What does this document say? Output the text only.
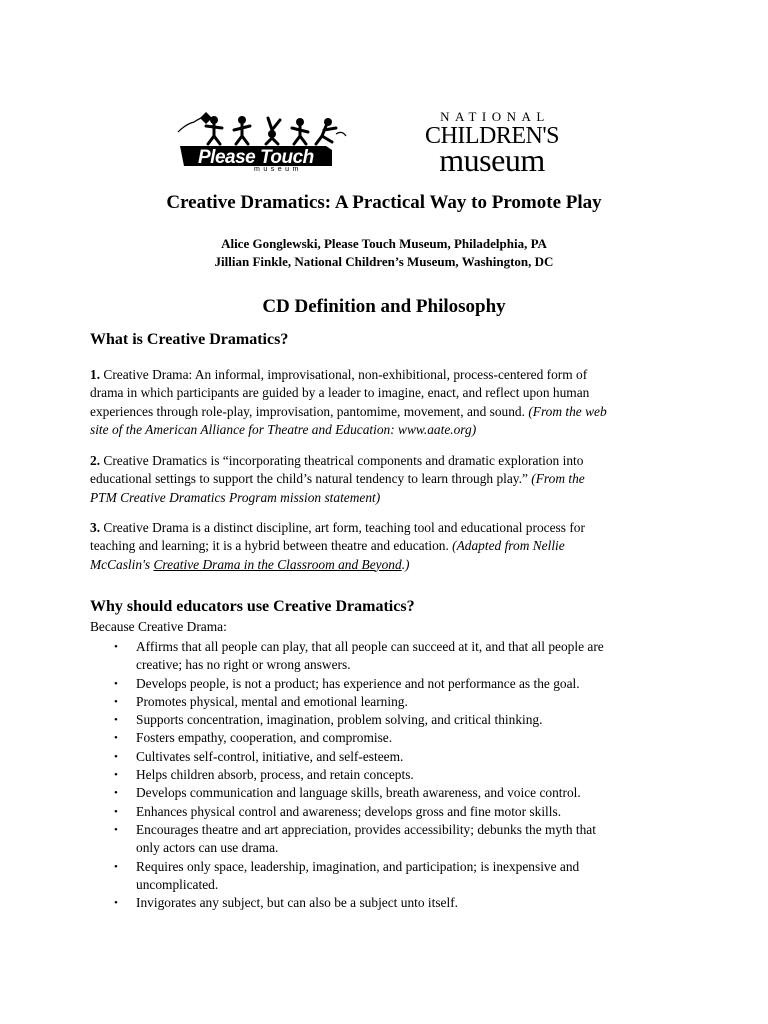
Please Touch
museum
NATIONAL
CHILDREN'S
museum
Creative Dramatics: A Practical Way to Promote Play
Alice Gonglewski, Please Touch Museum, Philadelphia, PA
Jillian Finkle, National Children’s Museum, Washington, DC
CD Definition and Philosophy
What is Creative Dramatics?
1. Creative Drama: An informal, improvisational, non-exhibitional, process-centered form of
drama in which participants are guided by a leader to imagine, enact, and reflect upon human
experiences through role-play, improvisation, pantomime, movement, and sound. (From the web
site of the American Alliance for Theatre and Education: www.aate.org)
2. Creative Dramatics is “incorporating theatrical components and dramatic exploration into
educational settings to support the child’s natural tendency to learn through play.” (From the
PTM Creative Dramatics Program mission statement)
3. Creative Drama is a distinct discipline, art form, teaching tool and educational process for
teaching and learning; it is a hybrid between theatre and education. (Adapted from Nellie
McCaslin's Creative Drama in the Classroom and Beyond.)
Why should educators use Creative Dramatics?
Because Creative Drama:
• Affirms that all people can play, that all people can succeed at it, and that all people are
creative; has no right or wrong answers.
• Develops people, is not a product; has experience and not performance as the goal.
• Promotes physical, mental and emotional learning.
• Supports concentration, imagination, problem solving, and critical thinking.
• Fosters empathy, cooperation, and compromise.
• Cultivates self-control, initiative, and self-esteem.
• Helps children absorb, process, and retain concepts.
• Develops communication and language skills, breath awareness, and voice control.
• Enhances physical control and awareness; develops gross and fine motor skills.
• Encourages theatre and art appreciation, provides accessibility; debunks the myth that
only actors can use drama.
• Requires only space, leadership, imagination, and participation; is inexpensive and
uncomplicated.
• Invigorates any subject, but can also be a subject unto itself.
